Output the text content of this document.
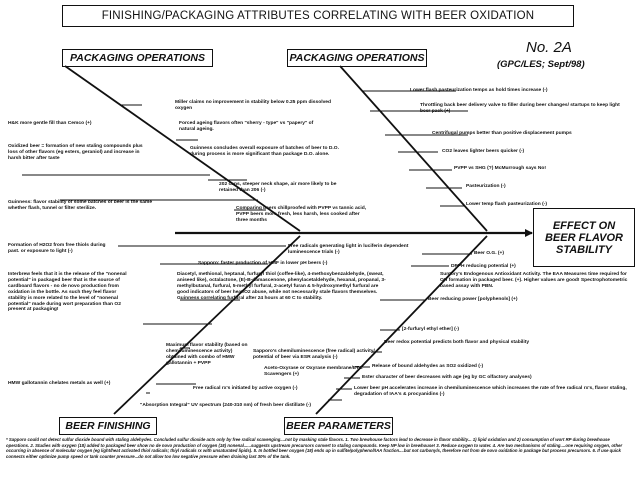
FINISHING/PACKAGING ATTRIBUTES CORRELATING WITH BEER OXIDATION
No. 2A
(GPC/LES; Sept/98)
PACKAGING OPERATIONS	PACKAGING OPERATIONS
BEER FINISHING	BEER PARAMETERS
EFFECT ON
BEER FLAVOR
STABILITY
Miller claims no improvement in stability below 0.25 ppm dissolved oxygen
H&K more gentle fill than Cemco (+)	Forced ageing flavors often "sherry - type" vs "papery" of natural ageing.
Oxidized beer = formation of new staling compounds plus loss of other flavors (eg esters, geraniol) and increase in harsh bitter after taste
Guinness concludes overall exposure of batches of beer to D.O. during process is more significant than package D.O. alone.
202 cans, steeper neck shape, air more likely to be retained than 206 (-)
Guinness: flavor stability of some batches of beer is the same whether flash, tunnel or filter sterilize.	Comparing beers chillproofed with PVPP vs tannic acid, PVPP beers more fresh, less harsh, less cooked after three months
Lower flash pasteurization temps as hold times increase (-)
Throttling back beer delivery valve to filler during beer changes/ startups to keep light beer pack (+)
Centrifugal pumps better than positive displacement pumps
CO2 leaves lighter beers quicker (-)
PVPP vs SHG (?) McMurrough says No!
Pasteurization (-)
Lower temp flash pasteurization (-)
Formation of H2O2 from free thiols during past. or exposure to light (-)
Free radicals generating light in luciferin dependent luminescence trials (-)
Sapporo: faster production of HMF in lower pH beers (-)
Interbrew feels that it is the release of the "nonenal potential" in packaged beer that is the source of cardboard flavors - no de novo production from oxidation in the bottle. As such they feel flavor stability is more related to the level of "nonenal potential" made during wort preparation than O2 present at packaging!
Diacetyl, methional, heptanal, furfuryl thiol (coffee-like), 4-methoxybenzaldehyde, (sweat, aniseed like), octalactone, (E)-B-damascenone, phenylacetaldehyde, hexanal, propanal, 3-methylbutanal, furfural, 5-methyl furfural, 2-acetyl furan & 5-hydroxymethyl furfural are good indicators of beer heat/O2 abuse, while not necessarily stale flavors themselves. Guinness correlating furfural after 24 hours at 60 C to stability.
Maximum flavor stability (based on chemiluminescence activity) obtained with combo of HMW gallotannin + PVPP
Sapporo's chemiluminescence (free radical) activity/ potential of beer via ESR analysis (-)
HMW gallotannin chelates metals as well (+)
Aceto-Oxyrase or Oxyrase membrane/ETC Scavengers (+)
Free radical rx's initiated by active oxygen (-)
"Absorption Integral" UV spectrum (240-310 nm) of fresh beer distillate (-)
Beer O.G. (+)
DPPH reducing potential (+)
Suntory's Endogenous Antioxidant Activity. The EAA Measures time required for OH formation in packaged beer. (+). Higher values are good! Spectrophotometric based assay with PBN.
Beer reducing power [polyphenols] (+)
[2-furfuryl ethyl ether] (-)
Beer redox potential predicts both flavor and physical stability
Release of bound aldehydes as SO2 oxidized (-)
Ester character of beer decreases with age (eg by GC olfactory analyses)
Lower beer pH accelerates increase in chemiluminescence which increases the rate of free radical rx's, flavor staling, degradation of IAA's & procyanidins (-)
* Sapporo could not detect sulfur dioxide bound with staling aldehydes. Concluded sulfur dioxide acts only by free radical scavenging....not by masking stale flavors. 1. Two brewhouse factors lead to decrease in flavor stability... 1) lipid oxidation and 2) consumption of wort RP during brewhouse operations. 2. Studies with oxygen (18) added to packaged beer show no de novo production of oxygen (18) nonenal......suggests upstream precursors convert to staling compounds. Keep NP low in brewhouse! 3. Reduce oxygen to water. 4. Are two mechanisms of staling....one requiring oxygen, other occurring in absence of molecular oxygen (eg light/heat activated thiol radicals; thiyl radicals rx with unsaturated lipids). 5. In bottled beer oxygen (18) ends up in sulfite/polyphenol/IAA fraction....but not carbonyls, therefore not from de novo oxidation in package but process precursors. 6. If use quick connects either optimize pump speed or tank counter pressure...do not allow too low negative pressure when draining last 30% of the tank.
